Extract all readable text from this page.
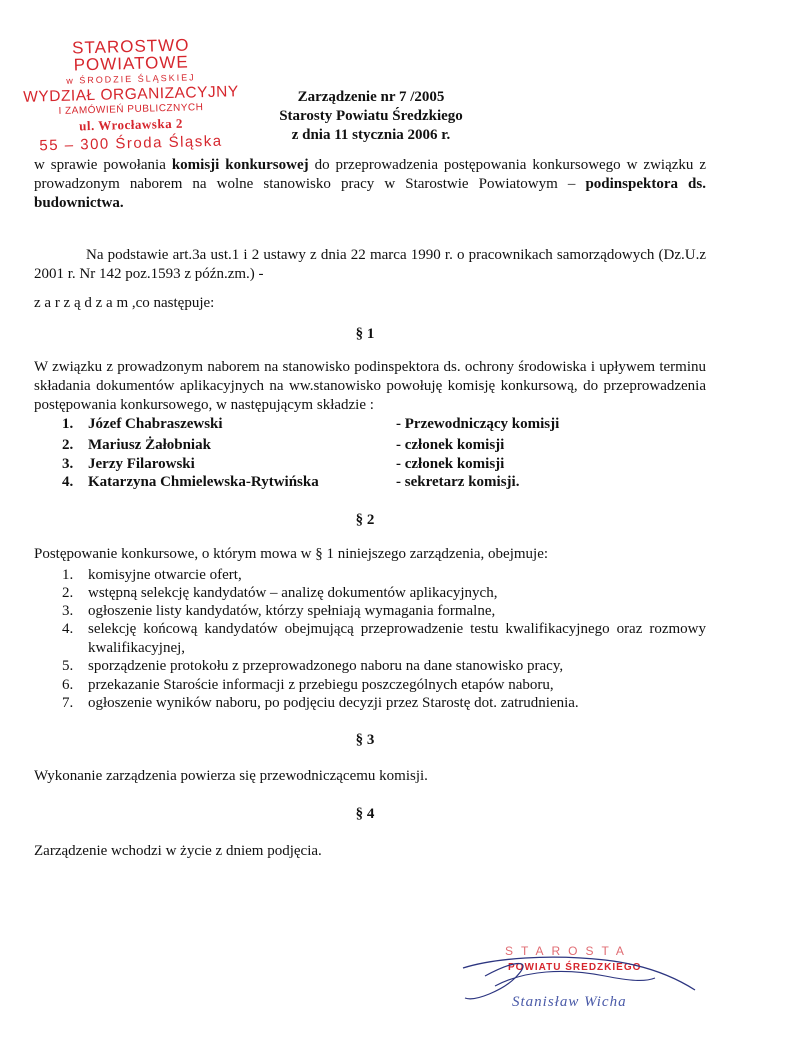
STAROSTWO POWIATOWE
w ŚRODZIE ŚLĄSKIEJ
WYDZIAŁ ORGANIZACYJNY
I ZAMÓWIEŃ PUBLICZNYCH
ul. Wrocławska 2
55 – 300 Środa Śląska
Zarządzenie nr 7 /2005
Starosty Powiatu Średzkiego
z dnia 11 stycznia 2006 r.
w sprawie powołania komisji konkursowej do przeprowadzenia postępowania konkursowego w związku z prowadzonym naborem na wolne stanowisko pracy w Starostwie Powiatowym – podinspektora ds. budownictwa.
Na podstawie art.3a ust.1 i 2 ustawy z dnia 22 marca 1990 r. o pracownikach samorządowych (Dz.U.z 2001 r. Nr 142 poz.1593 z późn.zm.) -
z a r z ą d z a m ,co następuje:
§ 1
W związku z prowadzonym naborem na stanowisko podinspektora ds. ochrony środowiska i upływem terminu składania dokumentów aplikacyjnych na ww.stanowisko powołuję komisję konkursową, do przeprowadzenia postępowania konkursowego, w następującym składzie :
1. Józef Chabraszewski	- Przewodniczący komisji
2. Mariusz Żałobniak	- członek komisji
3. Jerzy Filarowski	- członek komisji
4. Katarzyna Chmielewska-Rytwińska	- sekretarz komisji.
§ 2
Postępowanie konkursowe, o którym mowa w § 1 niniejszego zarządzenia, obejmuje:
1. komisyjne otwarcie ofert,
2. wstępną selekcję kandydatów – analizę dokumentów aplikacyjnych,
3. ogłoszenie listy kandydatów, którzy spełniają wymagania formalne,
4. selekcję końcową kandydatów obejmującą przeprowadzenie testu kwalifikacyjnego oraz rozmowy kwalifikacyjnej,
5. sporządzenie protokołu z przeprowadzonego naboru na dane stanowisko pracy,
6. przekazanie Staroście informacji z przebiegu poszczególnych etapów naboru,
7. ogłoszenie wyników naboru, po podjęciu decyzji przez Starostę dot. zatrudnienia.
§ 3
Wykonanie zarządzenia powierza się przewodniczącemu komisji.
§ 4
Zarządzenie wchodzi w życie z dniem podjęcia.
STAROSTA
POWIATU ŚREDZKIEGO
Stanisław Wicha
